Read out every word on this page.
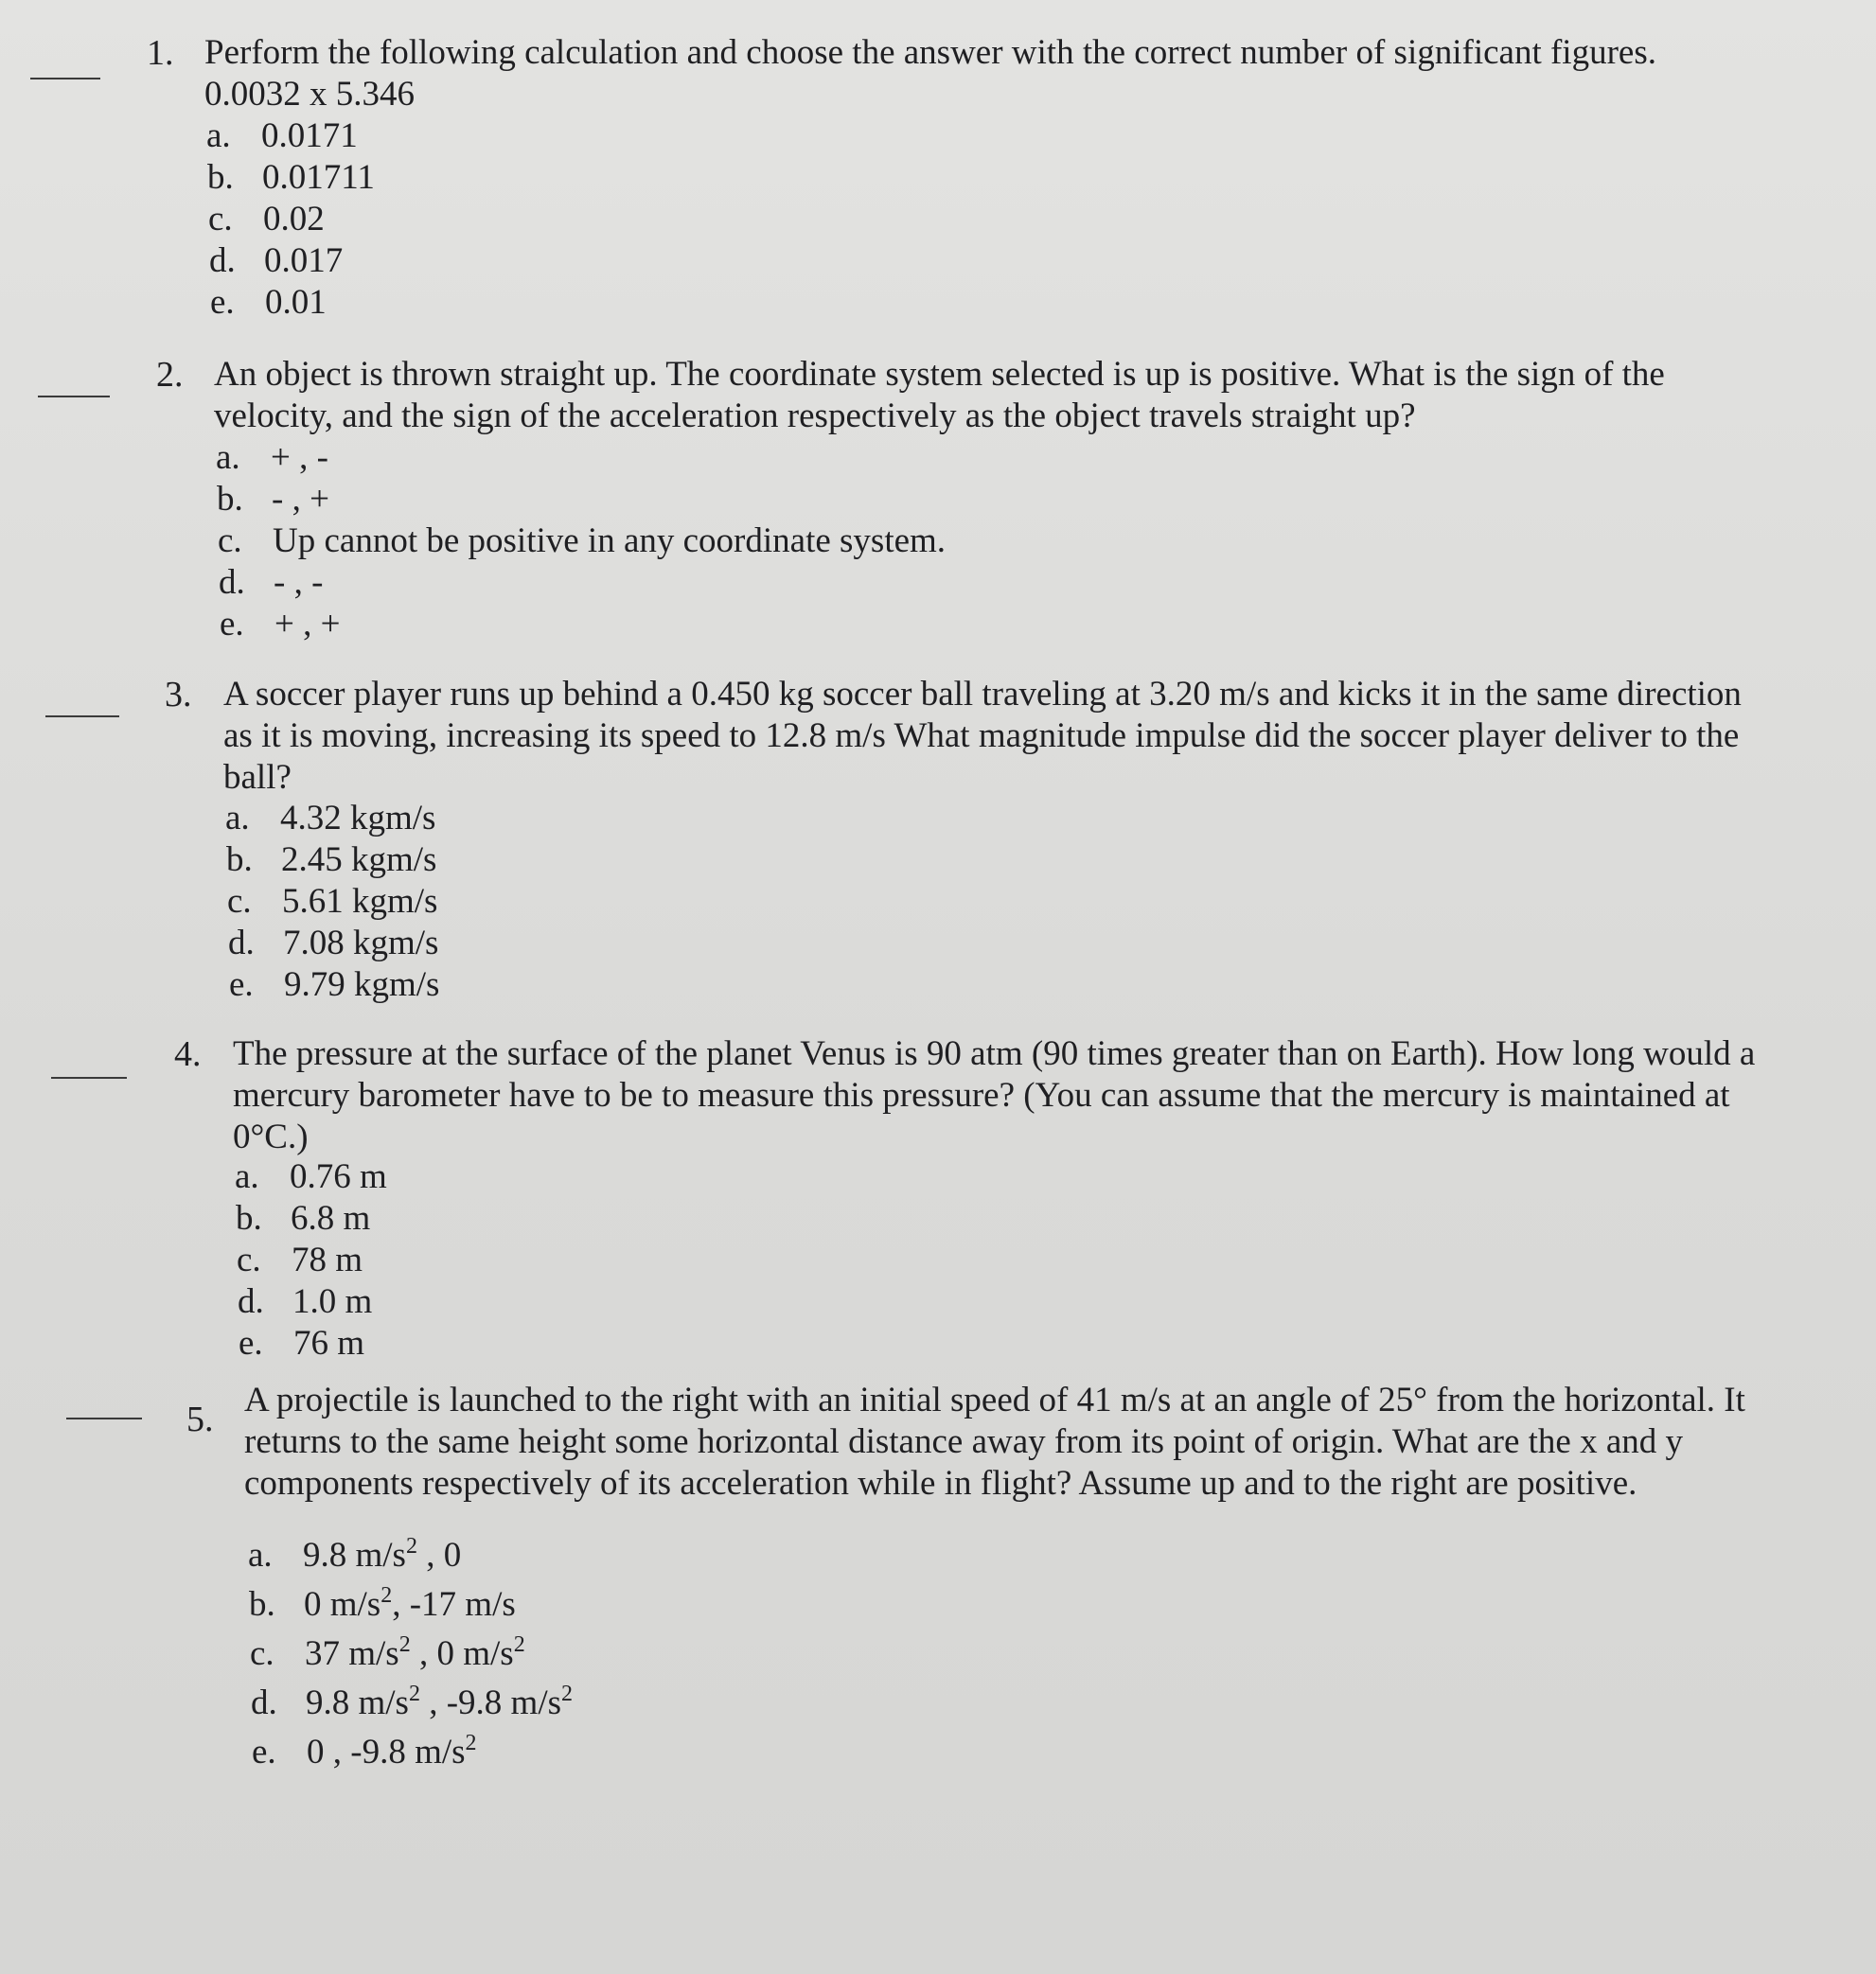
1. Perform the following calculation and choose the answer with the correct number of significant figures.
0.0032 x 5.346
a. 0.0171
b. 0.01711
c. 0.02
d. 0.017
e. 0.01
2. An object is thrown straight up. The coordinate system selected is up is positive. What is the sign of the
velocity, and the sign of the acceleration respectively as the object travels straight up?
a. + , -
b. - , +
c. Up cannot be positive in any coordinate system.
d. - , -
e. + , +
3. A soccer player runs up behind a 0.450 kg soccer ball traveling at 3.20 m/s and kicks it in the same direction
as it is moving, increasing its speed to 12.8 m/s What magnitude impulse did the soccer player deliver to the
ball?
a. 4.32 kgm/s
b. 2.45 kgm/s
c. 5.61 kgm/s
d. 7.08 kgm/s
e. 9.79 kgm/s
4. The pressure at the surface of the planet Venus is 90 atm (90 times greater than on Earth). How long would a
mercury barometer have to be to measure this pressure? (You can assume that the mercury is maintained at
0°C.)
a. 0.76 m
b. 6.8 m
c. 78 m
d. 1.0 m
e. 76 m
5. A projectile is launched to the right with an initial speed of 41 m/s at an angle of 25° from the horizontal. It
returns to the same height some horizontal distance away from its point of origin. What are the x and y
components respectively of its acceleration while in flight? Assume up and to the right are positive.
a. 9.8 $m/s^2$ , 0
b. 0 $m/s^2$, -17 m/s
c. 37 $m/s^2$ , 0 $m/s^2$
d. 9.8 $m/s^2$ , -9.8 $m/s^2$
e. 0 , -9.8 $m/s^2$
